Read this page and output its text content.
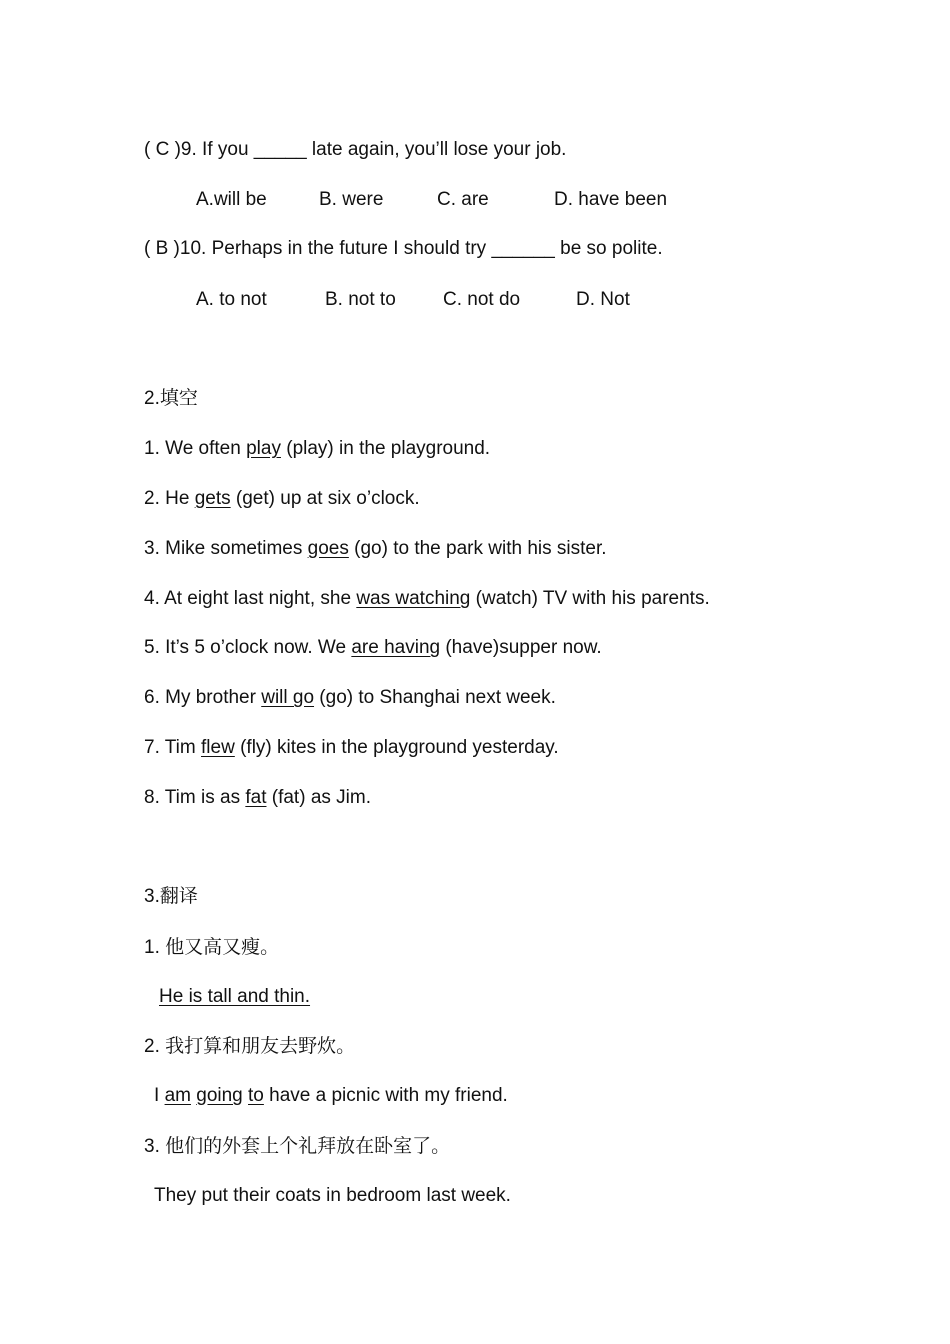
( C )9. If you _____ late again, you’ll lose your job.
A.will be	B. were	C. are	D. have been
( B )10. Perhaps in the future I should try ______ be so polite.
A. to not	B. not to C. not do	D. Not
2.填空
1. We often play (play) in the playground.
2. He gets (get) up at six o’clock.
3. Mike sometimes goes (go) to the park with his sister.
4. At eight last night, she was watching (watch) TV with his parents.
5. It’s 5 o’clock now. We are having (have)supper now.
6. My brother will go (go) to Shanghai next week.
7. Tim flew (fly) kites in the playground yesterday.
8. Tim is as fat (fat) as Jim.
3.翻译
1. 他又高又瘦。
He is tall and thin.
2. 我打算和朋友去野炊。
I am going to have a picnic with my friend.
3. 他们的外套上个礼拜放在卧室了。
They put their coats in bedroom last week.
